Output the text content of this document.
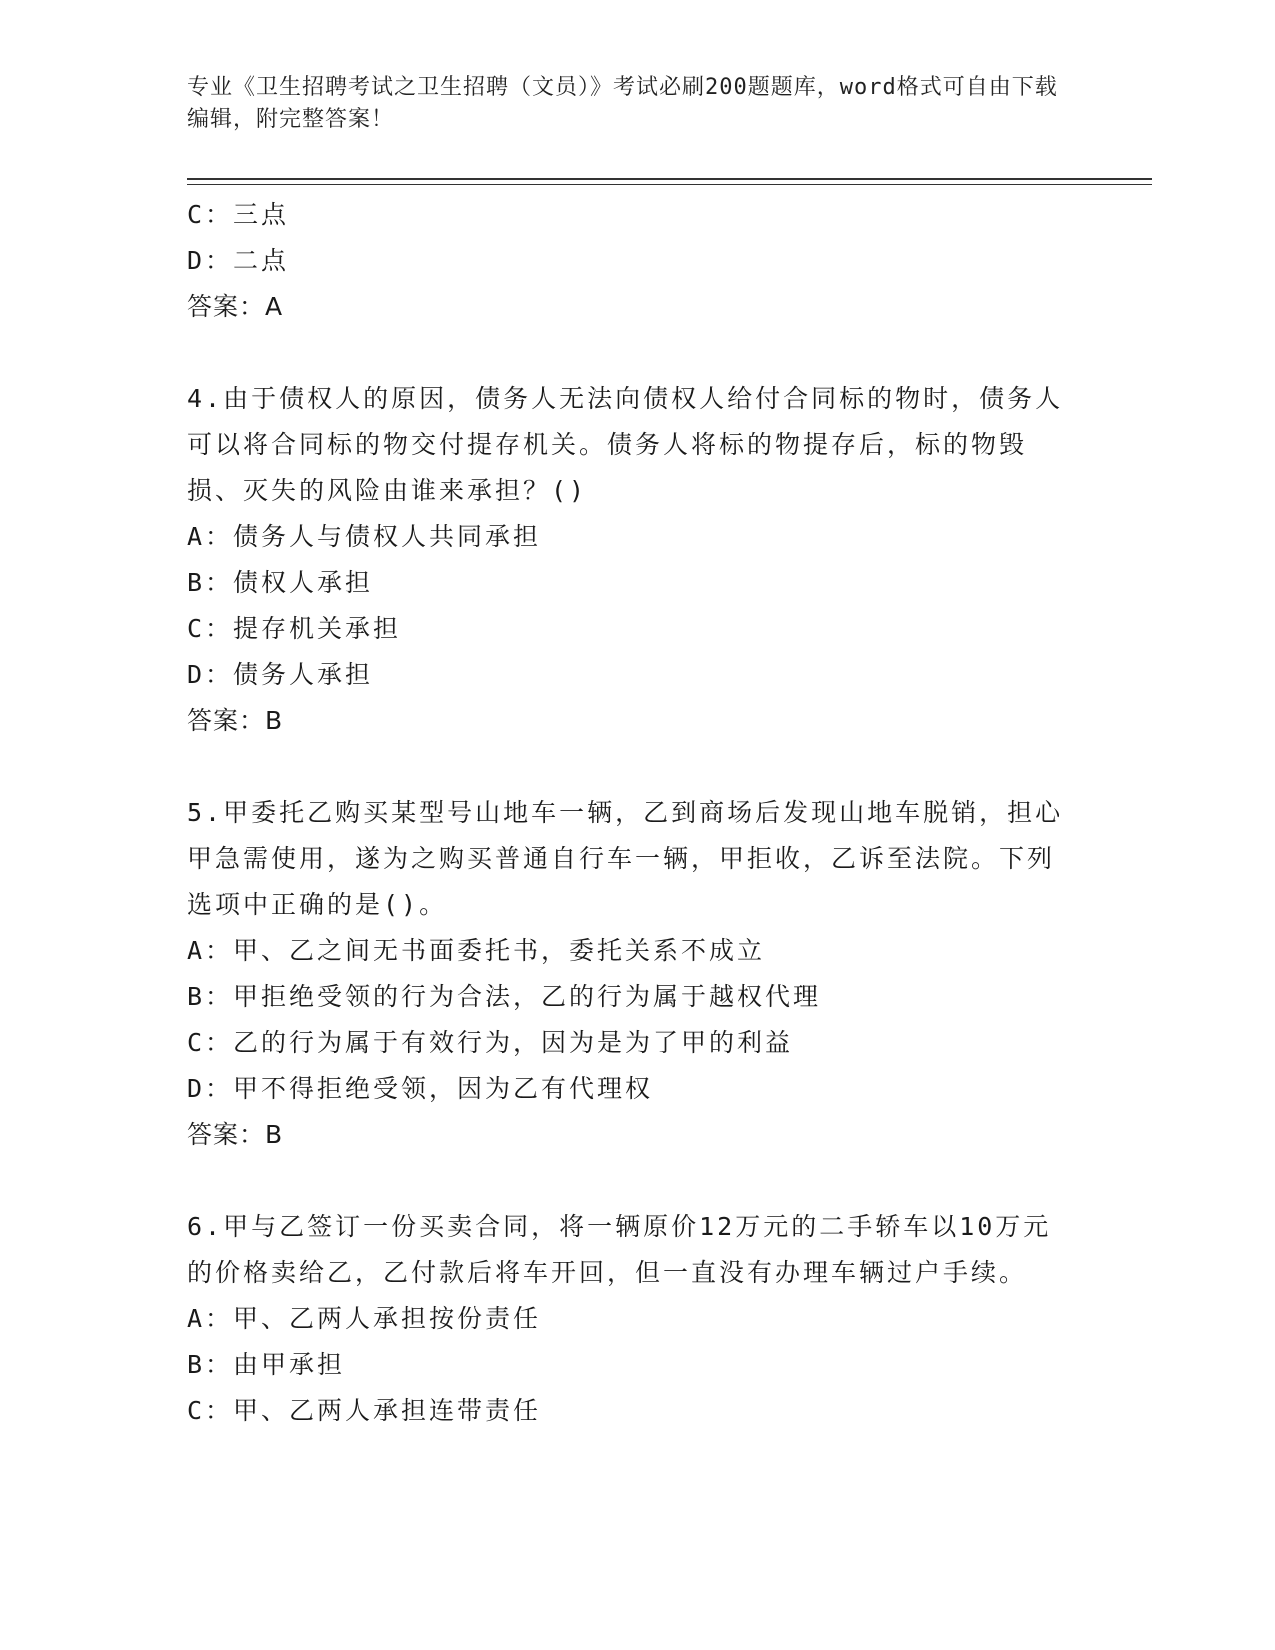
专业《卫生招聘考试之卫生招聘（文员）》考试必刷200题题库，word格式可自由下载编辑，附完整答案！
C：三点
D：二点
答案：A
4.由于债权人的原因，债务人无法向债权人给付合同标的物时，债务人可以将合同标的物交付提存机关。债务人将标的物提存后，标的物毁损、灭失的风险由谁来承担？()
A：债务人与债权人共同承担
B：债权人承担
C：提存机关承担
D：债务人承担
答案：B
5.甲委托乙购买某型号山地车一辆，乙到商场后发现山地车脱销，担心甲急需使用，遂为之购买普通自行车一辆，甲拒收，乙诉至法院。下列选项中正确的是()。
A：甲、乙之间无书面委托书，委托关系不成立
B：甲拒绝受领的行为合法，乙的行为属于越权代理
C：乙的行为属于有效行为，因为是为了甲的利益
D：甲不得拒绝受领，因为乙有代理权
答案：B
6.甲与乙签订一份买卖合同，将一辆原价12万元的二手轿车以10万元的价格卖给乙，乙付款后将车开回，但一直没有办理车辆过户手续。
A：甲、乙两人承担按份责任
B：由甲承担
C：甲、乙两人承担连带责任
